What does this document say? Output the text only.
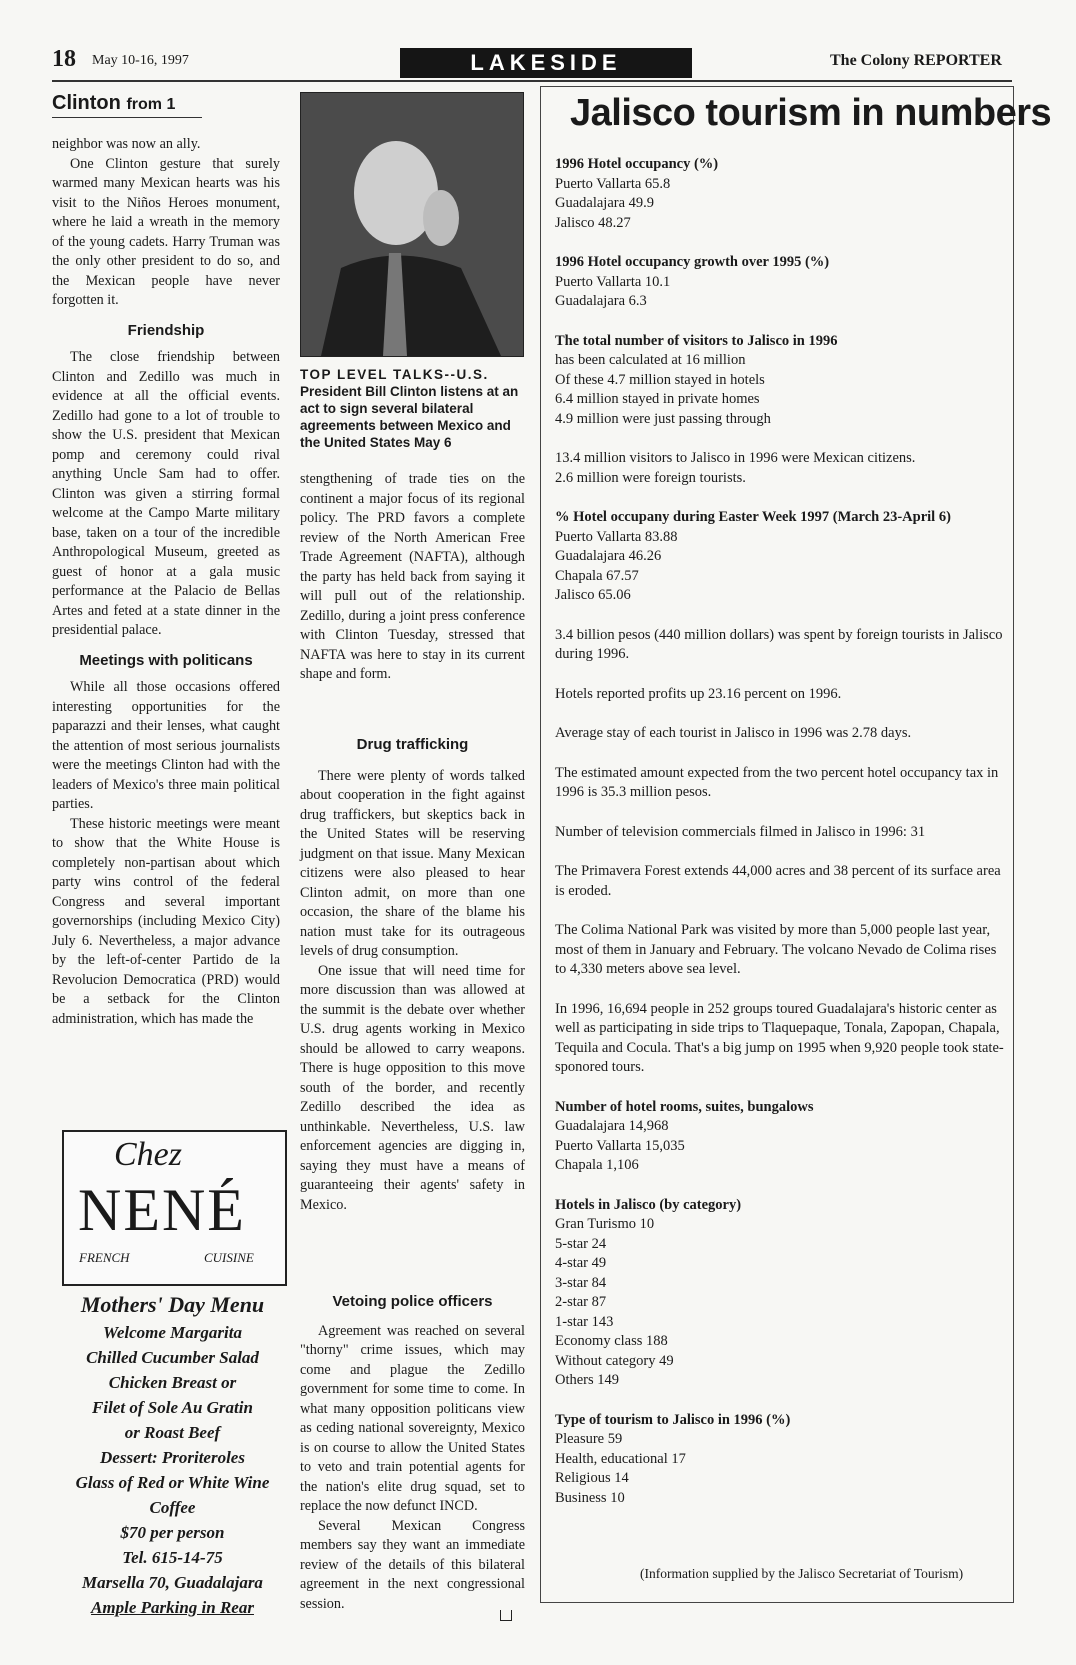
18 May 10-16, 1997	LAKESIDE	The Colony REPORTER
Clinton from 1

neighbor was now an ally.

One Clinton gesture that surely warmed many Mexican hearts was his visit to the Niños Heroes monument, where he laid a wreath in the memory of the young cadets. Harry Truman was the only other president to do so, and the Mexican people have never forgotten it.

Friendship

The close friendship between Clinton and Zedillo was much in evidence at all the official events. Zedillo had gone to a lot of trouble to show the U.S. president that Mexican pomp and ceremony could rival anything Uncle Sam had to offer. Clinton was given a stirring formal welcome at the Campo Marte military base, taken on a tour of the incredible Anthropological Museum, greeted as guest of honor at a gala music performance at the Palacio de Bellas Artes and feted at a state dinner in the presidential palace.

Meetings with politicans

While all those occasions offered interesting opportunities for the paparazzi and their lenses, what caught the attention of most serious journalists were the meetings Clinton had with the leaders of Mexico's three main political parties.

These historic meetings were meant to show that the White House is completely non-partisan about which party wins control of the federal Congress and several important governorships (including Mexico City) July 6. Nevertheless, a major advance by the left-of-center Partido de la Revolucion Democratica (PRD) would be a setback for the Clinton administration, which has made the

TOP LEVEL TALKS--U.S.
President Bill Clinton listens at an act to sign several bilateral agreements between Mexico and the United States May 6

stengthening of trade ties on the continent a major focus of its regional policy. The PRD favors a complete review of the North American Free Trade Agreement (NAFTA), although the party has held back from saying it will pull out of the relationship. Zedillo, during a joint press conference with Clinton Tuesday, stressed that NAFTA was here to stay in its current shape and form.

Drug trafficking

There were plenty of words talked about cooperation in the fight against drug traffickers, but skeptics back in the United States will be reserving judgment on that issue. Many Mexican citizens were also pleased to hear Clinton admit, on more than one occasion, the share of the blame his nation must take for its outrageous levels of drug consumption.

One issue that will need time for more discussion than was allowed at the summit is the debate over whether U.S. drug agents working in Mexico should be allowed to carry weapons. There is huge opposition to this move south of the border, and recently Zedillo described the idea as unthinkable. Nevertheless, U.S. law enforcement agencies are digging in, saying they must have a means of guaranteeing their agents' safety in Mexico.

Vetoing police officers

Agreement was reached on several "thorny" crime issues, which may come and plague the Zedillo government for some time to come. In what many opposition politicans view as ceding national sovereignty, Mexico is on course to allow the United States to veto and train potential agents for the nation's elite drug squad, set to replace the now defunct INCD.

Several Mexican Congress members say they want an immediate review of the details of this bilateral agreement in the next congressional session.

Chez
NENÉ
FRENCH	CUISINE
Mothers' Day Menu
Welcome Margarita
Chilled Cucumber Salad
Chicken Breast or
Filet of Sole Au Gratin
or Roast Beef
Dessert: Proriteroles
Glass of Red or White Wine
Coffee
$70 per person
Tel. 615-14-75
Marsella 70, Guadalajara
Ample Parking in Rear
Jalisco tourism in numbers
1996 Hotel occupancy (%)
Puerto Vallarta 65.8
Guadalajara 49.9
Jalisco 48.27
1996 Hotel occupancy growth over 1995 (%)
Puerto Vallarta 10.1
Guadalajara 6.3
The total number of visitors to Jalisco in 1996
has been calculated at 16 million
Of these 4.7 million stayed in hotels
6.4 million stayed in private homes
4.9 million were just passing through
13.4 million visitors to Jalisco in 1996 were Mexican citizens.
2.6 million were foreign tourists.
% Hotel occupany during Easter Week 1997 (March 23-April 6)
Puerto Vallarta 83.88
Guadalajara 46.26
Chapala 67.57
Jalisco 65.06
3.4 billion pesos (440 million dollars) was spent by foreign tourists in Jalisco during 1996.
Hotels reported profits up 23.16 percent on 1996.
Average stay of each tourist in Jalisco in 1996 was 2.78 days.
The estimated amount expected from the two percent hotel occupancy tax in 1996 is 35.3 million pesos.
Number of television commercials filmed in Jalisco in 1996: 31
The Primavera Forest extends 44,000 acres and 38 percent of its surface area is eroded.
The Colima National Park was visited by more than 5,000 people last year, most of them in January and February. The volcano Nevado de Colima rises to 4,330 meters above sea level.
In 1996, 16,694 people in 252 groups toured Guadalajara's historic center as well as participating in side trips to Tlaquepaque, Tonala, Zapopan, Chapala, Tequila and Cocula. That's a big jump on 1995 when 9,920 people took state-sponored tours.
Number of hotel rooms, suites, bungalows
Guadalajara 14,968
Puerto Vallarta 15,035
Chapala 1,106
Hotels in Jalisco (by category)
Gran Turismo 10
5-star 24
4-star 49
3-star 84
2-star 87
1-star 143
Economy class 188
Without category 49
Others 149
Type of tourism to Jalisco in 1996 (%)
Pleasure 59
Health, educational 17
Religious 14
Business 10
(Information supplied by the Jalisco Secretariat of Tourism)
